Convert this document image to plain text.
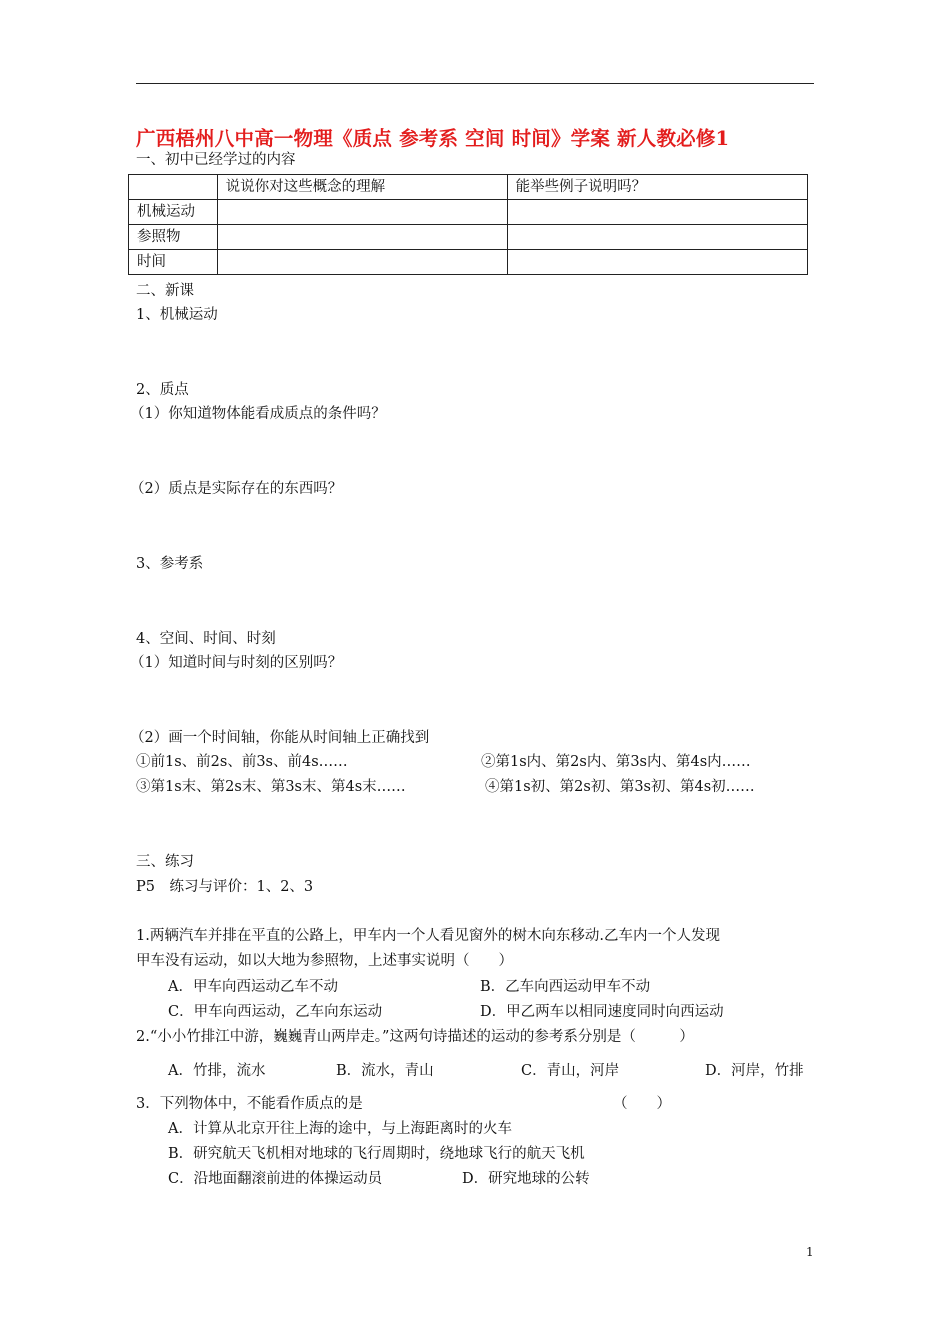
广西梧州八中高一物理《质点 参考系 空间 时间》学案 新人教必修1
一、初中已经学过的内容
	说说你对这些概念的理解	能举些例子说明吗？
机械运动		
参照物		
时间		
二、新课
1、机械运动
2、质点
（1）你知道物体能看成质点的条件吗？
（2）质点是实际存在的东西吗？
3、参考系
4、空间、时间、时刻
（1）知道时间与时刻的区别吗？
（2）画一个时间轴，你能从时间轴上正确找到
①前1s、前2s、前3s、前4s……	②第1s内、第2s内、第3s内、第4s内……
③第1s末、第2s末、第3s末、第4s末……	④第1s初、第2s初、第3s初、第4s初……
三、练习
P5　练习与评价：1、2、3
1.两辆汽车并排在平直的公路上，甲车内一个人看见窗外的树木向东移动.乙车内一个人发现
甲车没有运动，如以大地为参照物，上述事实说明（　　）
A．甲车向西运动乙车不动	B．乙车向西运动甲车不动
C．甲车向西运动，乙车向东运动	D．甲乙两车以相同速度同时向西运动
2.“小小竹排江中游，巍巍青山两岸走。”这两句诗描述的运动的参考系分别是（　　　）
A．竹排，流水	B．流水，青山	C．青山，河岸	D．河岸，竹排
3．下列物体中，不能看作质点的是	（　　）
A．计算从北京开往上海的途中，与上海距离时的火车
B．研究航天飞机相对地球的飞行周期时，绕地球飞行的航天飞机
C．沿地面翻滚前进的体操运动员	D．研究地球的公转
1
